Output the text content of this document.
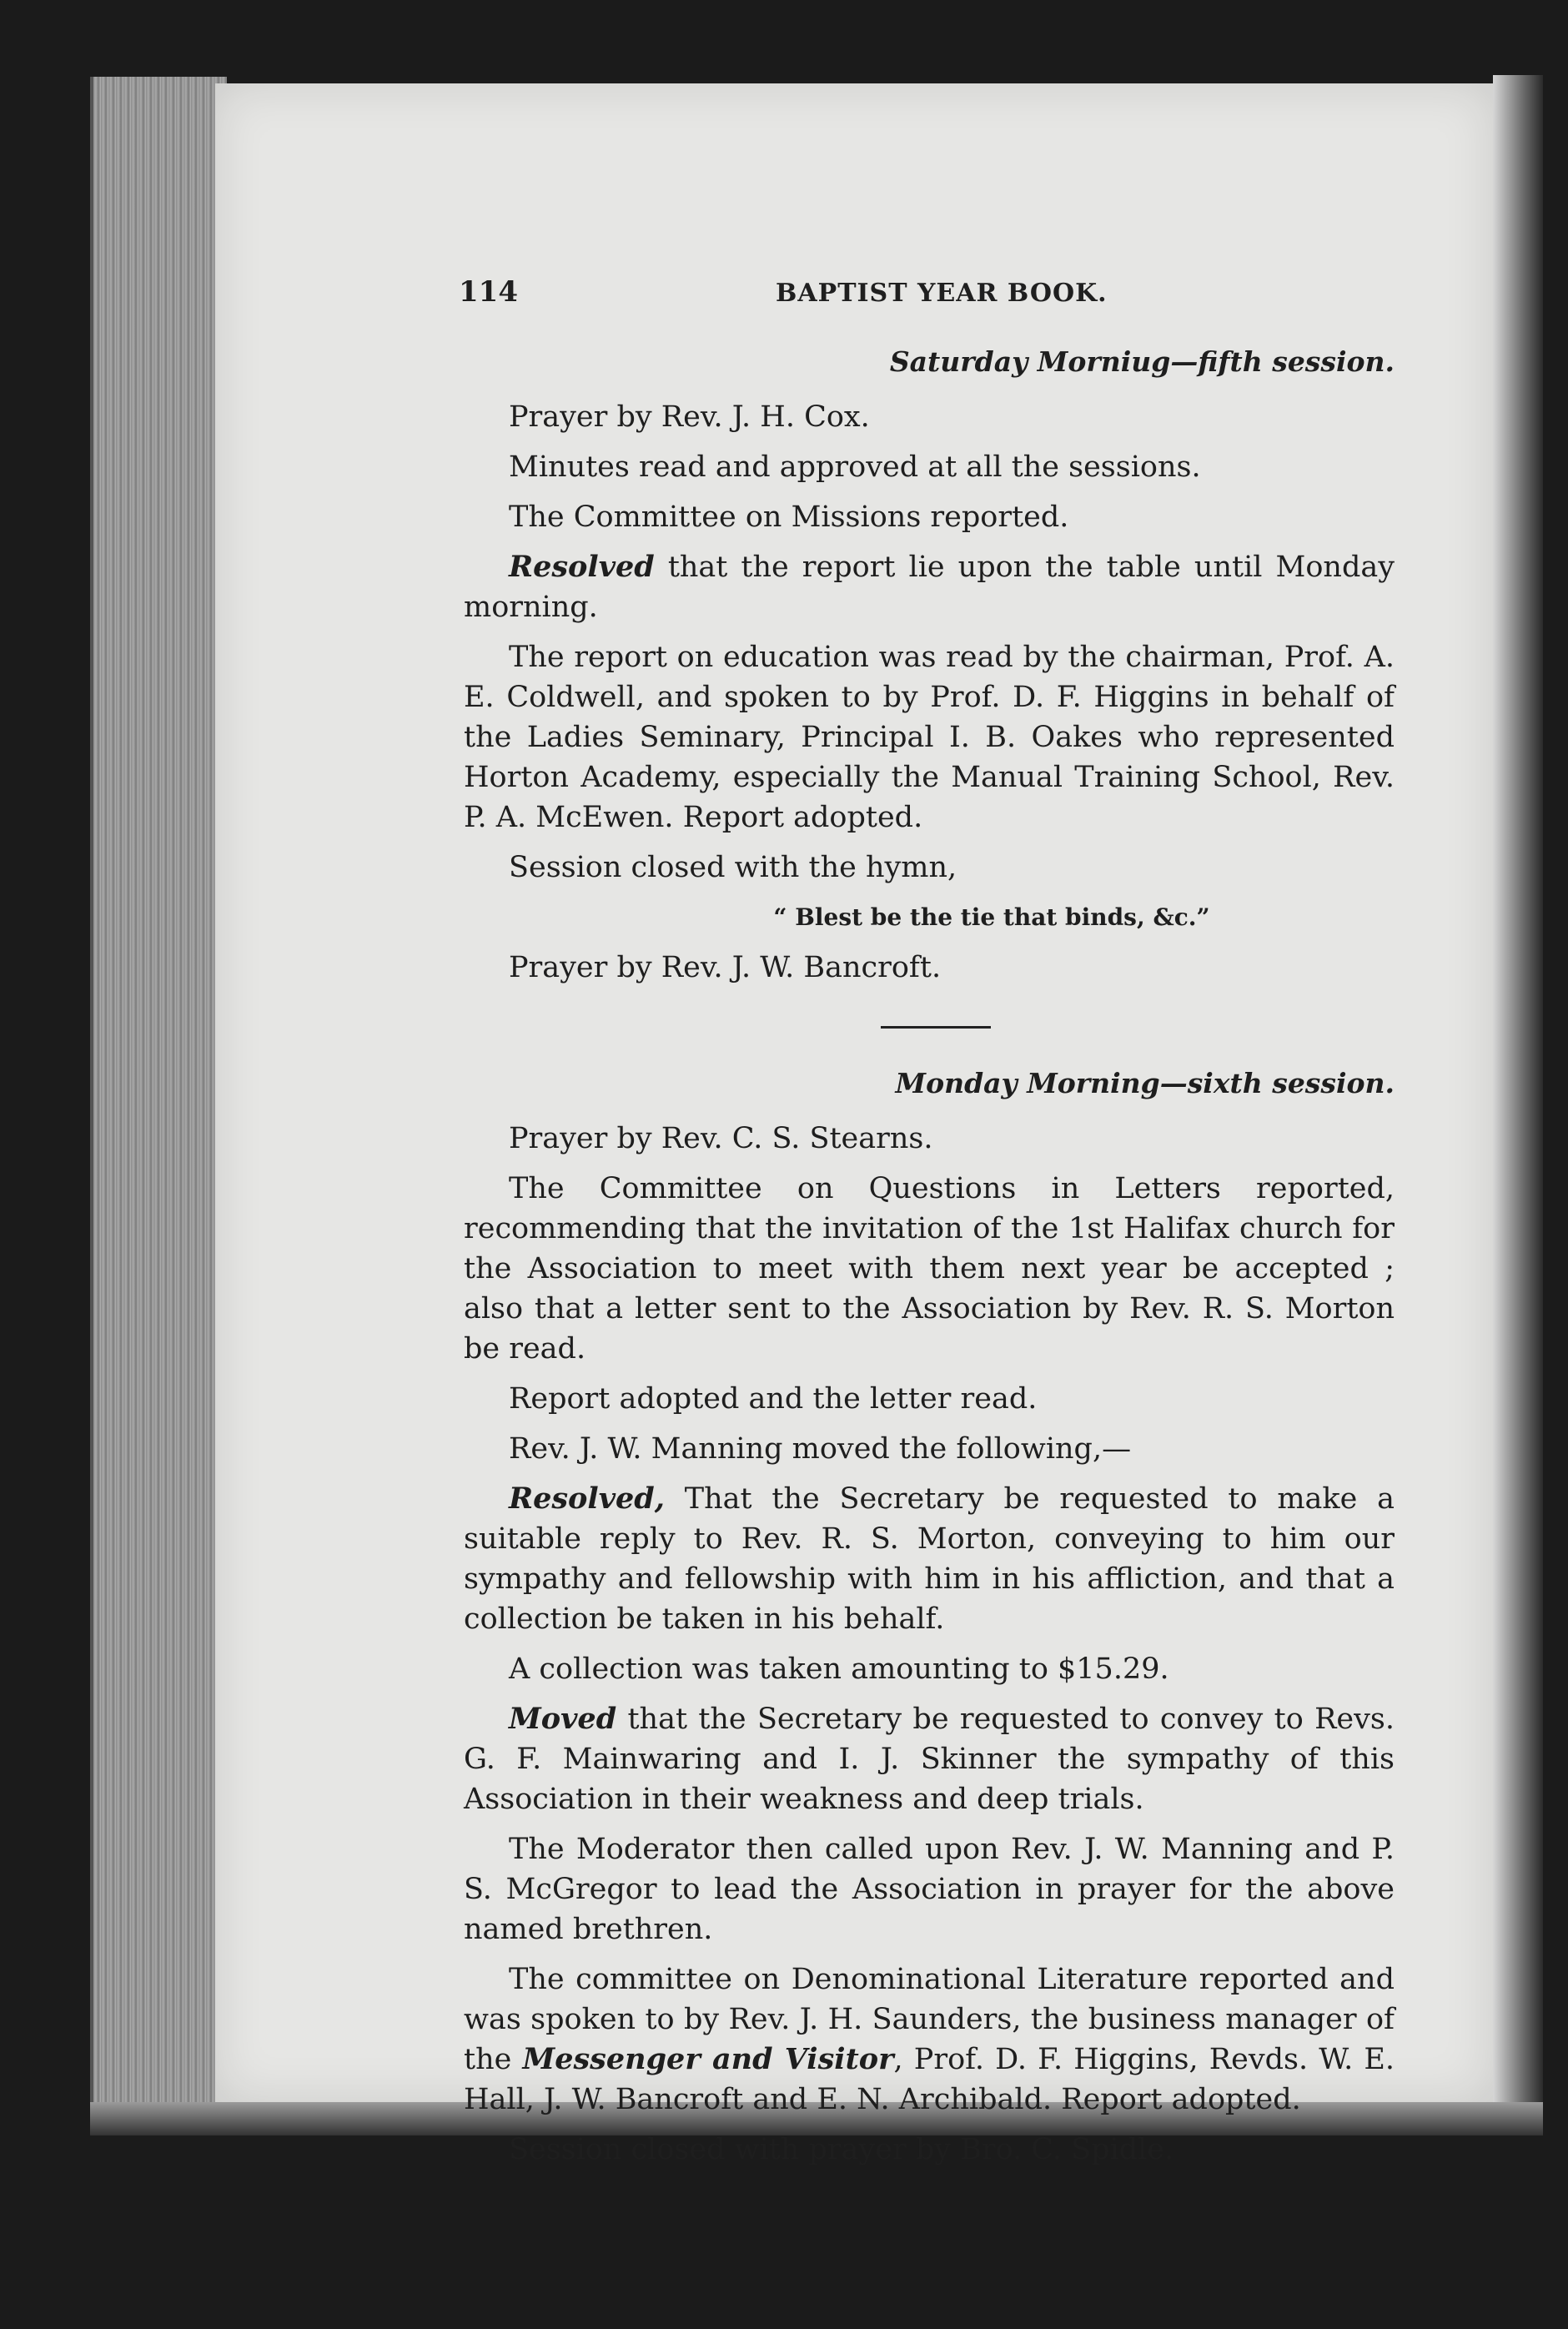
114	BAPTIST YEAR BOOK.

Saturday Morniug—fifth session.

Prayer by Rev. J. H. Cox.

Minutes read and approved at all the sessions.

The Committee on Missions reported.

Resolved that the report lie upon the table until Monday morning.

The report on education was read by the chairman, Prof. A. E. Coldwell, and spoken to by Prof. D. F. Higgins in behalf of the Ladies Seminary, Principal I. B. Oakes who represented Horton Academy, especially the Manual Training School, Rev. P. A. McEwen. Report adopted.

Session closed with the hymn,

“ Blest be the tie that binds, &c.”

Prayer by Rev. J. W. Bancroft.

Monday Morning—sixth session.

Prayer by Rev. C. S. Stearns.

The Committee on Questions in Letters reported, recommending that the invitation of the 1st Halifax church for the Association to meet with them next year be accepted ; also that a letter sent to the Association by Rev. R. S. Morton be read.

Report adopted and the letter read.

Rev. J. W. Manning moved the following,—

Resolved, That the Secretary be requested to make a suitable reply to Rev. R. S. Morton, conveying to him our sympathy and fellowship with him in his affliction, and that a collection be taken in his behalf.

A collection was taken amounting to $15.29.

Moved that the Secretary be requested to convey to Revs. G. F. Mainwaring and I. J. Skinner the sympathy of this Association in their weakness and deep trials.

The Moderator then called upon Rev. J. W. Manning and P. S. McGregor to lead the Association in prayer for the above named brethren.

The committee on Denominational Literature reported and was spoken to by Rev. J. H. Saunders, the business manager of the Messenger and Visitor, Prof. D. F. Higgins, Revds. W. E. Hall, J. W. Bancroft and E. N. Archibald. Report adopted.

Session closed with prayer by Bro. C. Spidle.
